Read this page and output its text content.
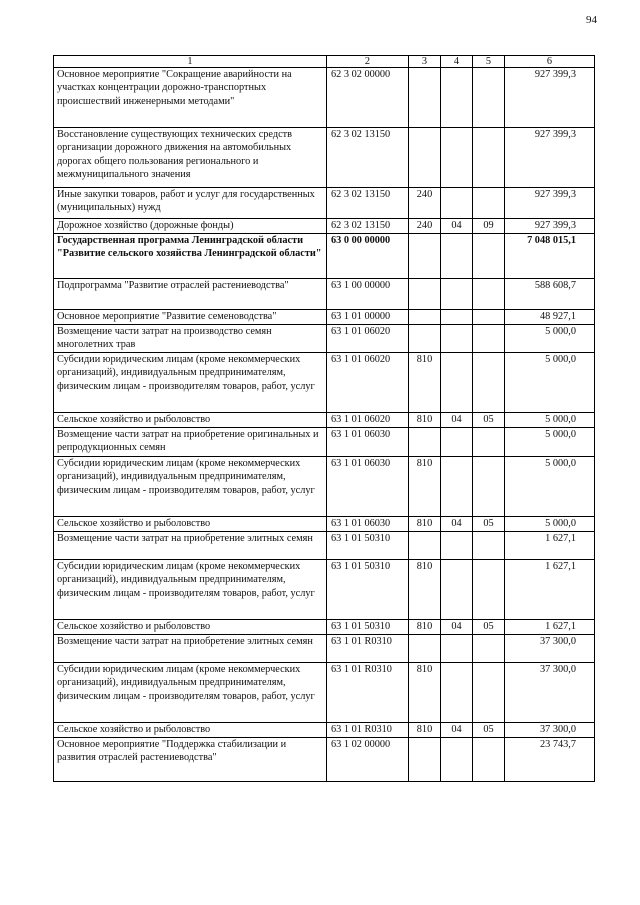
94
1	2	3	4	5	6
Основное мероприятие "Сокращение аварийности на участках концентрации дорожно-транспортных происшествий инженерными методами"	62 3 02 00000				927 399,3
Восстановление существующих технических средств организации дорожного движения на автомобильных дорогах общего пользования регионального и межмуниципального значения	62 3 02 13150				927 399,3
Иные закупки товаров, работ и услуг для государственных (муниципальных) нужд	62 3 02 13150	240			927 399,3
Дорожное хозяйство (дорожные фонды)	62 3 02 13150	240	04	09	927 399,3
Государственная программа Ленинградской области "Развитие сельского хозяйства Ленинградской области"	63 0 00 00000				7 048 015,1
Подпрограмма "Развитие отраслей растениеводства"	63 1 00 00000				588 608,7
Основное мероприятие "Развитие семеноводства"	63 1 01 00000				48 927,1
Возмещение части затрат на производство семян многолетних трав	63 1 01 06020				5 000,0
Субсидии юридическим лицам (кроме некоммерческих организаций), индивидуальным предпринимателям, физическим лицам - производителям товаров, работ, услуг	63 1 01 06020	810			5 000,0
Сельское хозяйство и рыболовство	63 1 01 06020	810	04	05	5 000,0
Возмещение части затрат на приобретение оригинальных и репродукционных семян	63 1 01 06030				5 000,0
Субсидии юридическим лицам (кроме некоммерческих организаций), индивидуальным предпринимателям, физическим лицам - производителям товаров, работ, услуг	63 1 01 06030	810			5 000,0
Сельское хозяйство и рыболовство	63 1 01 06030	810	04	05	5 000,0
Возмещение части затрат на приобретение элитных семян	63 1 01 50310				1 627,1
Субсидии юридическим лицам (кроме некоммерческих организаций), индивидуальным предпринимателям, физическим лицам - производителям товаров, работ, услуг	63 1 01 50310	810			1 627,1
Сельское хозяйство и рыболовство	63 1 01 50310	810	04	05	1 627,1
Возмещение части затрат на приобретение элитных семян	63 1 01 R0310				37 300,0
Субсидии юридическим лицам (кроме некоммерческих организаций), индивидуальным предпринимателям, физическим лицам - производителям товаров, работ, услуг	63 1 01 R0310	810			37 300,0
Сельское хозяйство и рыболовство	63 1 01 R0310	810	04	05	37 300,0
Основное мероприятие "Поддержка стабилизации и развития отраслей растениеводства"	63 1 02 00000				23 743,7
